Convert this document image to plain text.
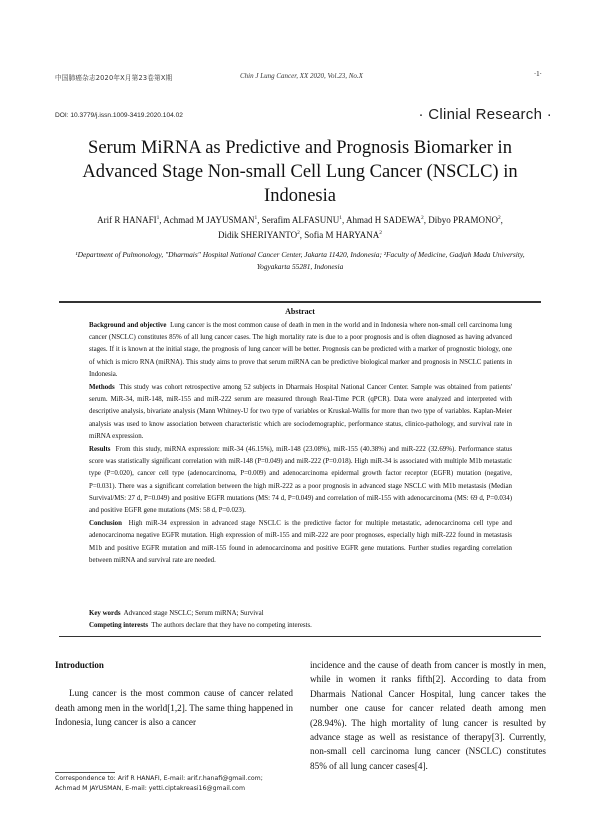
中国肺癌杂志2020年X月第23卷第X期	Chin J Lung Cancer, XX 2020, Vol.23, No.X	·1·
DOI: 10.3779/j.issn.1009-3419.2020.104.02	· Clinial Research ·
Serum MiRNA as Predictive and Prognosis Biomarker in Advanced Stage Non-small Cell Lung Cancer (NSCLC) in Indonesia
Arif R HANAFI$^1$, Achmad M JAYUSMAN$^1$, Serafim ALFASUNU$^1$, Ahmad H SADEWA$^2$, Dibyo PRAMONO$^2$,
Didik SHERIYANTO$^2$, Sofia M HARYANA$^2$
¹Department of Pulmonology, "Dharmais" Hospital National Cancer Center, Jakarta 11420, Indonesia; ²Faculty of Medicine, Gadjah Mada University, Yogyakarta 55281, Indonesia
Abstract

Background and objective Lung cancer is the most common cause of death in men in the world and in Indonesia where non-small cell carcinoma lung cancer (NSCLC) constitutes 85% of all lung cancer cases. The high mortality rate is due to a poor prognosis and is often diagnosed as having advanced stages. If it is known at the initial stage, the prognosis of lung cancer will be better. Prognosis can be predicted with a marker of prognostic biology, one of which is micro RNA (miRNA). This study aims to prove that serum miRNA can be predictive biological marker and prognosis in NSCLC patients in Indonesia.

Methods This study was cohort retrospective among 52 subjects in Dharmais Hospital National Cancer Center. Sample was obtained from patients' serum. MiR-34, miR-148, miR-155 and miR-222 serum are measured through Real-Time PCR (qPCR). Data were analyzed and interpreted with descriptive analysis, bivariate analysis (Mann Whitney-U for two type of variables or Kruskal-Wallis for more than two type of variables. Kaplan-Meier analysis was used to know association between characteristic which are sociodemographic, performance status, clinico-pathology, and survival rate in miRNA expression.

Results From this study, miRNA expression: miR-34 (46.15%), miR-148 (23.08%), miR-155 (40.38%) and miR-222 (32.69%). Performance status score was statistically significant correlation with miR-148 (P=0.049) and miR-222 (P=0.018). High miR-34 is associated with multiple M1b metastatic type (P=0.020), cancer cell type (adenocarcinoma, P=0.009) and adenocarcinoma epidermal growth factor receptor (EGFR) mutation (negative, P=0.031). There was a significant correlation between the high miR-222 as a poor prognosis in advanced stage NSCLC with M1b metastasis (Median Survival/MS: 27 d, P=0.049) and positive EGFR mutations (MS: 74 d, P=0.049) and correlation of miR-155 with adenocarcinoma (MS: 69 d, P=0.034) and positive EGFR gene mutations (MS: 58 d, P=0.023).

Conclusion High miR-34 expression in advanced stage NSCLC is the predictive factor for multiple metastatic, adenocarcinoma cell type and adenocarcinoma negative EGFR mutation. High expression of miR-155 and miR-222 are poor prognoses, especially high miR-222 found in metastasis M1b and positive EGFR mutation and miR-155 found in adenocarcinoma and positive EGFR gene mutations. Further studies regarding correlation between miRNA and survival rate are needed.

Key words Advanced stage NSCLC; Serum miRNA; Survival

Competing interests The authors declare that they have no competing interests.

Introduction
Lung cancer is the most common cause of cancer related death among men in the world[1,2]. The same thing happened in Indonesia, lung cancer is also a cancer
incidence and the cause of death from cancer is mostly in men, while in women it ranks fifth[2]. According to data from Dharmais National Cancer Hospital, lung cancer takes the number one cause for cancer related death among men (28.94%). The high mortality of lung cancer is resulted by advance stage as well as resistance of therapy[3]. Currently, non-small cell carcinoma lung cancer (NSCLC) constitutes 85% of all lung cancer cases[4].
Correspondence to: Arif R HANAFI, E-mail: arif.r.hanafi@gmail.com;
Achmad M JAYUSMAN, E-mail: yetti.ciptakreasi16@gmail.com
